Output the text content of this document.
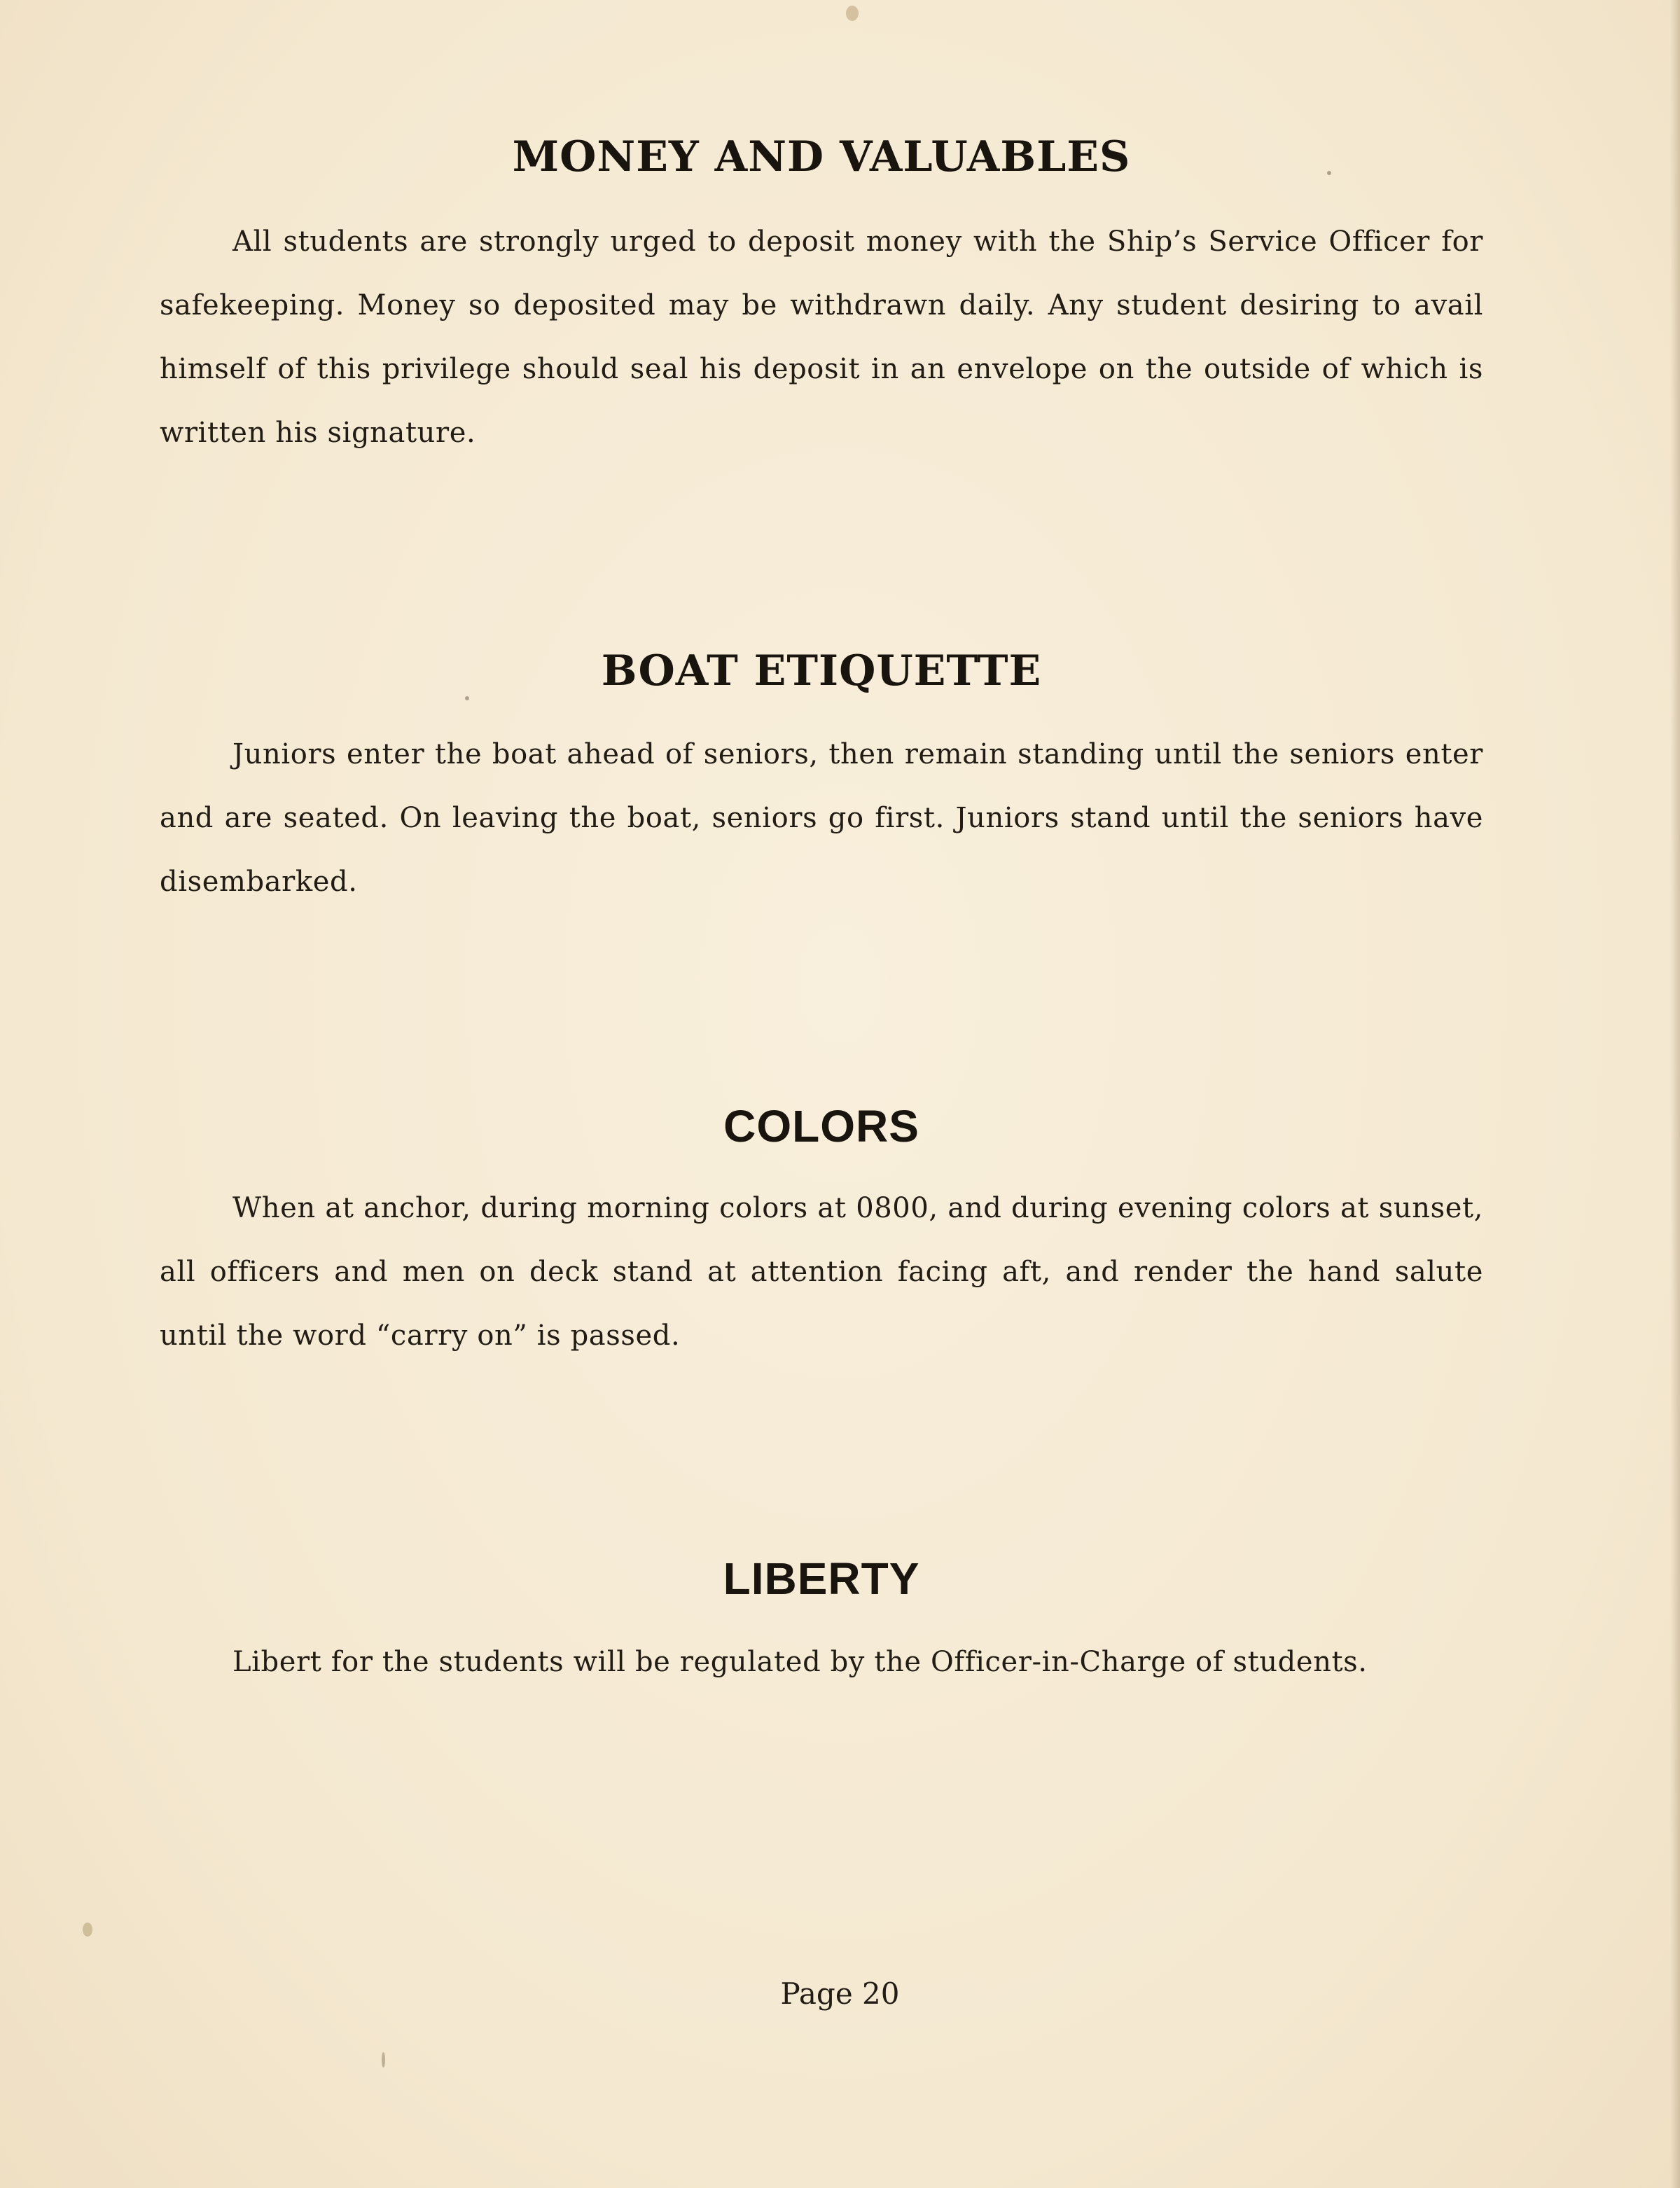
MONEY AND VALUABLES

All students are strongly urged to deposit money with the Ship’s Service Officer for safekeeping. Money so deposited may be withdrawn daily. Any student desiring to avail himself of this privilege should seal his deposit in an envelope on the outside of which is written his signature.

BOAT ETIQUETTE

Juniors enter the boat ahead of seniors, then remain standing until the seniors enter and are seated. On leaving the boat, seniors go first. Juniors stand until the seniors have disembarked.

COLORS

When at anchor, during morning colors at 0800, and during evening colors at sunset, all officers and men on deck stand at attention facing aft, and render the hand salute until the word “carry on” is passed.

LIBERTY

Libert for the students will be regulated by the Officer-in-Charge of students.

Page 20
